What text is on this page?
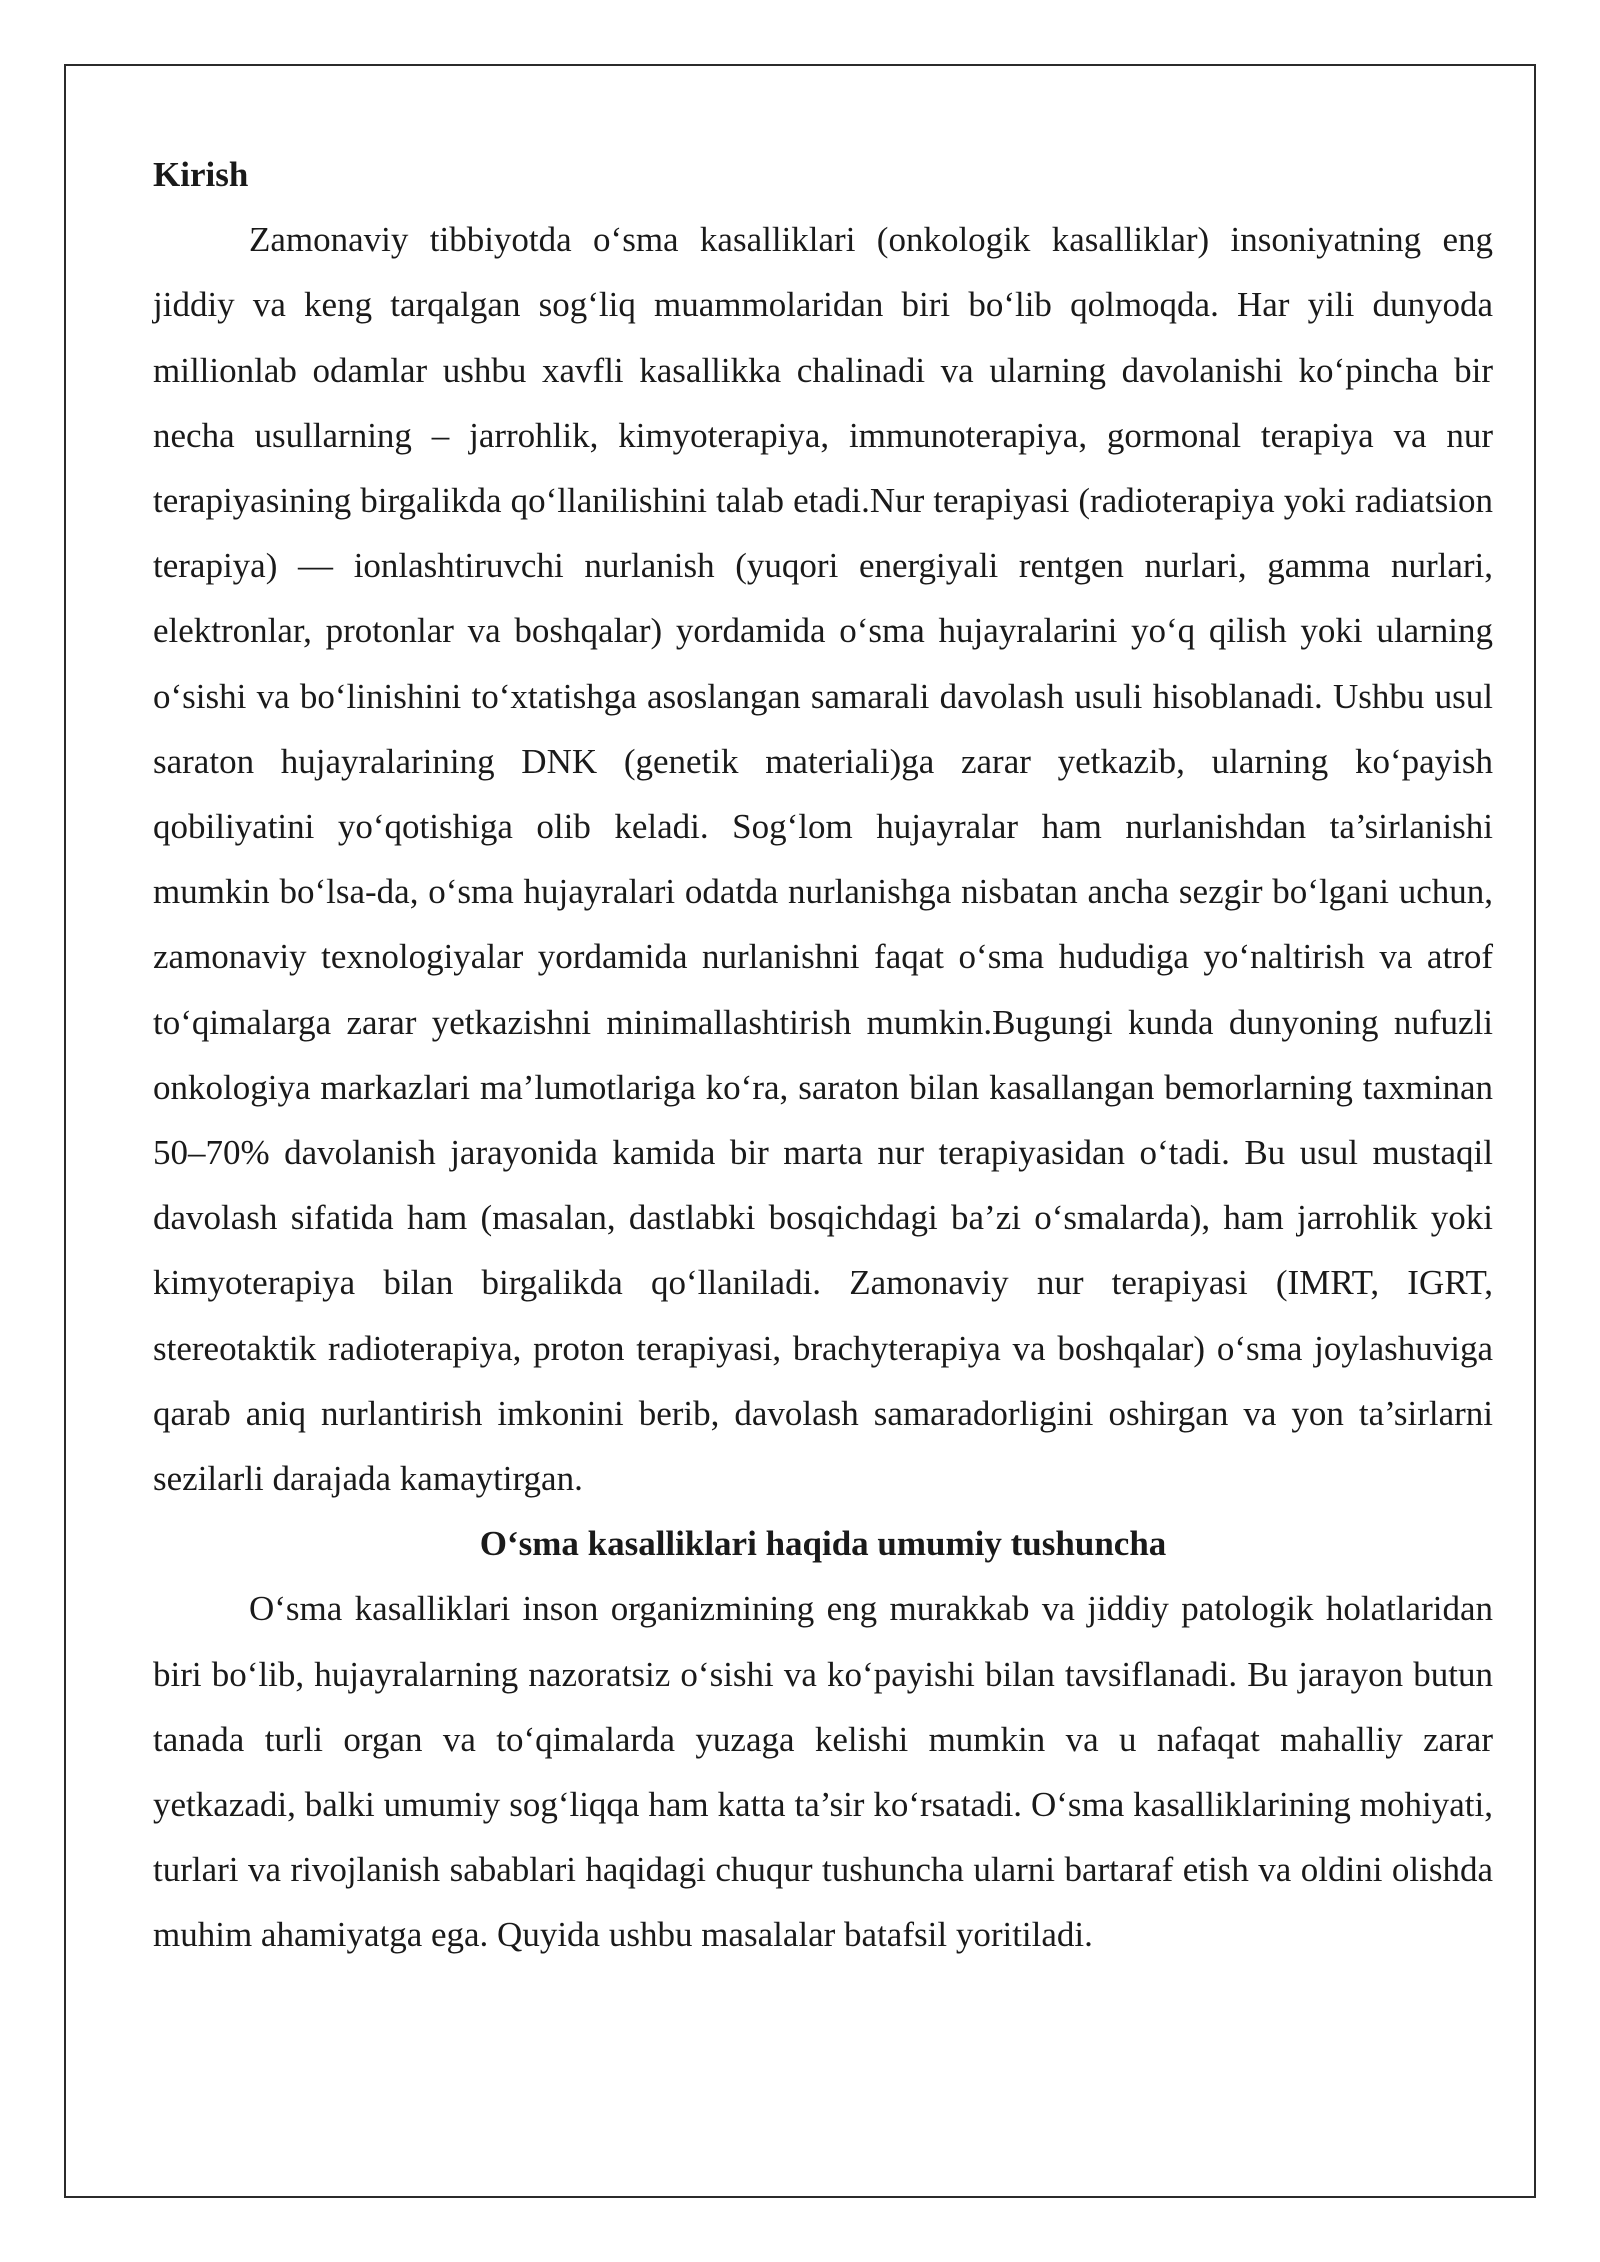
Kirish

Zamonaviy tibbiyotda o‘sma kasalliklari (onkologik kasalliklar) insoniyatning eng jiddiy va keng tarqalgan sog‘liq muammolaridan biri bo‘lib qolmoqda. Har yili dunyoda millionlab odamlar ushbu xavfli kasallikka chalinadi va ularning davolanishi ko‘pincha bir necha usullarning – jarrohlik, kimyoterapiya, immunoterapiya, gormonal terapiya va nur terapiyasining birgalikda qo‘llanilishini talab etadi.Nur terapiyasi (radioterapiya yoki radiatsion terapiya) — ionlashtiruvchi nurlanish (yuqori energiyali rentgen nurlari, gamma nurlari, elektronlar, protonlar va boshqalar) yordamida o‘sma hujayralarini yo‘q qilish yoki ularning o‘sishi va bo‘linishini to‘xtatishga asoslangan samarali davolash usuli hisoblanadi. Ushbu usul saraton hujayralarining DNK (genetik materiali)ga zarar yetkazib, ularning ko‘payish qobiliyatini yo‘qotishiga olib keladi. Sog‘lom hujayralar ham nurlanishdan ta’sirlanishi mumkin bo‘lsa-da, o‘sma hujayralari odatda nurlanishga nisbatan ancha sezgir bo‘lgani uchun, zamonaviy texnologiyalar yordamida nurlanishni faqat o‘sma hududiga yo‘naltirish va atrof to‘qimalarga zarar yetkazishni minimallashtirish mumkin.Bugungi kunda dunyoning nufuzli onkologiya markazlari ma’lumotlariga ko‘ra, saraton bilan kasallangan bemorlarning taxminan 50–70% davolanish jarayonida kamida bir marta nur terapiyasidan o‘tadi. Bu usul mustaqil davolash sifatida ham (masalan, dastlabki bosqichdagi ba’zi o‘smalarda), ham jarrohlik yoki kimyoterapiya bilan birgalikda qo‘llaniladi. Zamonaviy nur terapiyasi (IMRT, IGRT, stereotaktik radioterapiya, proton terapiyasi, brachyterapiya va boshqalar) o‘sma joylashuviga qarab aniq nurlantirish imkonini berib, davolash samaradorligini oshirgan va yon ta’sirlarni sezilarli darajada kamaytirgan.

O‘sma kasalliklari haqida umumiy tushuncha

O‘sma kasalliklari inson organizmining eng murakkab va jiddiy patologik holatlaridan biri bo‘lib, hujayralarning nazoratsiz o‘sishi va ko‘payishi bilan tavsiflanadi. Bu jarayon butun tanada turli organ va to‘qimalarda yuzaga kelishi mumkin va u nafaqat mahalliy zarar yetkazadi, balki umumiy sog‘liqqa ham katta ta’sir ko‘rsatadi. O‘sma kasalliklarining mohiyati, turlari va rivojlanish sabablari haqidagi chuqur tushuncha ularni bartaraf etish va oldini olishda muhim ahamiyatga ega. Quyida ushbu masalalar batafsil yoritiladi.
